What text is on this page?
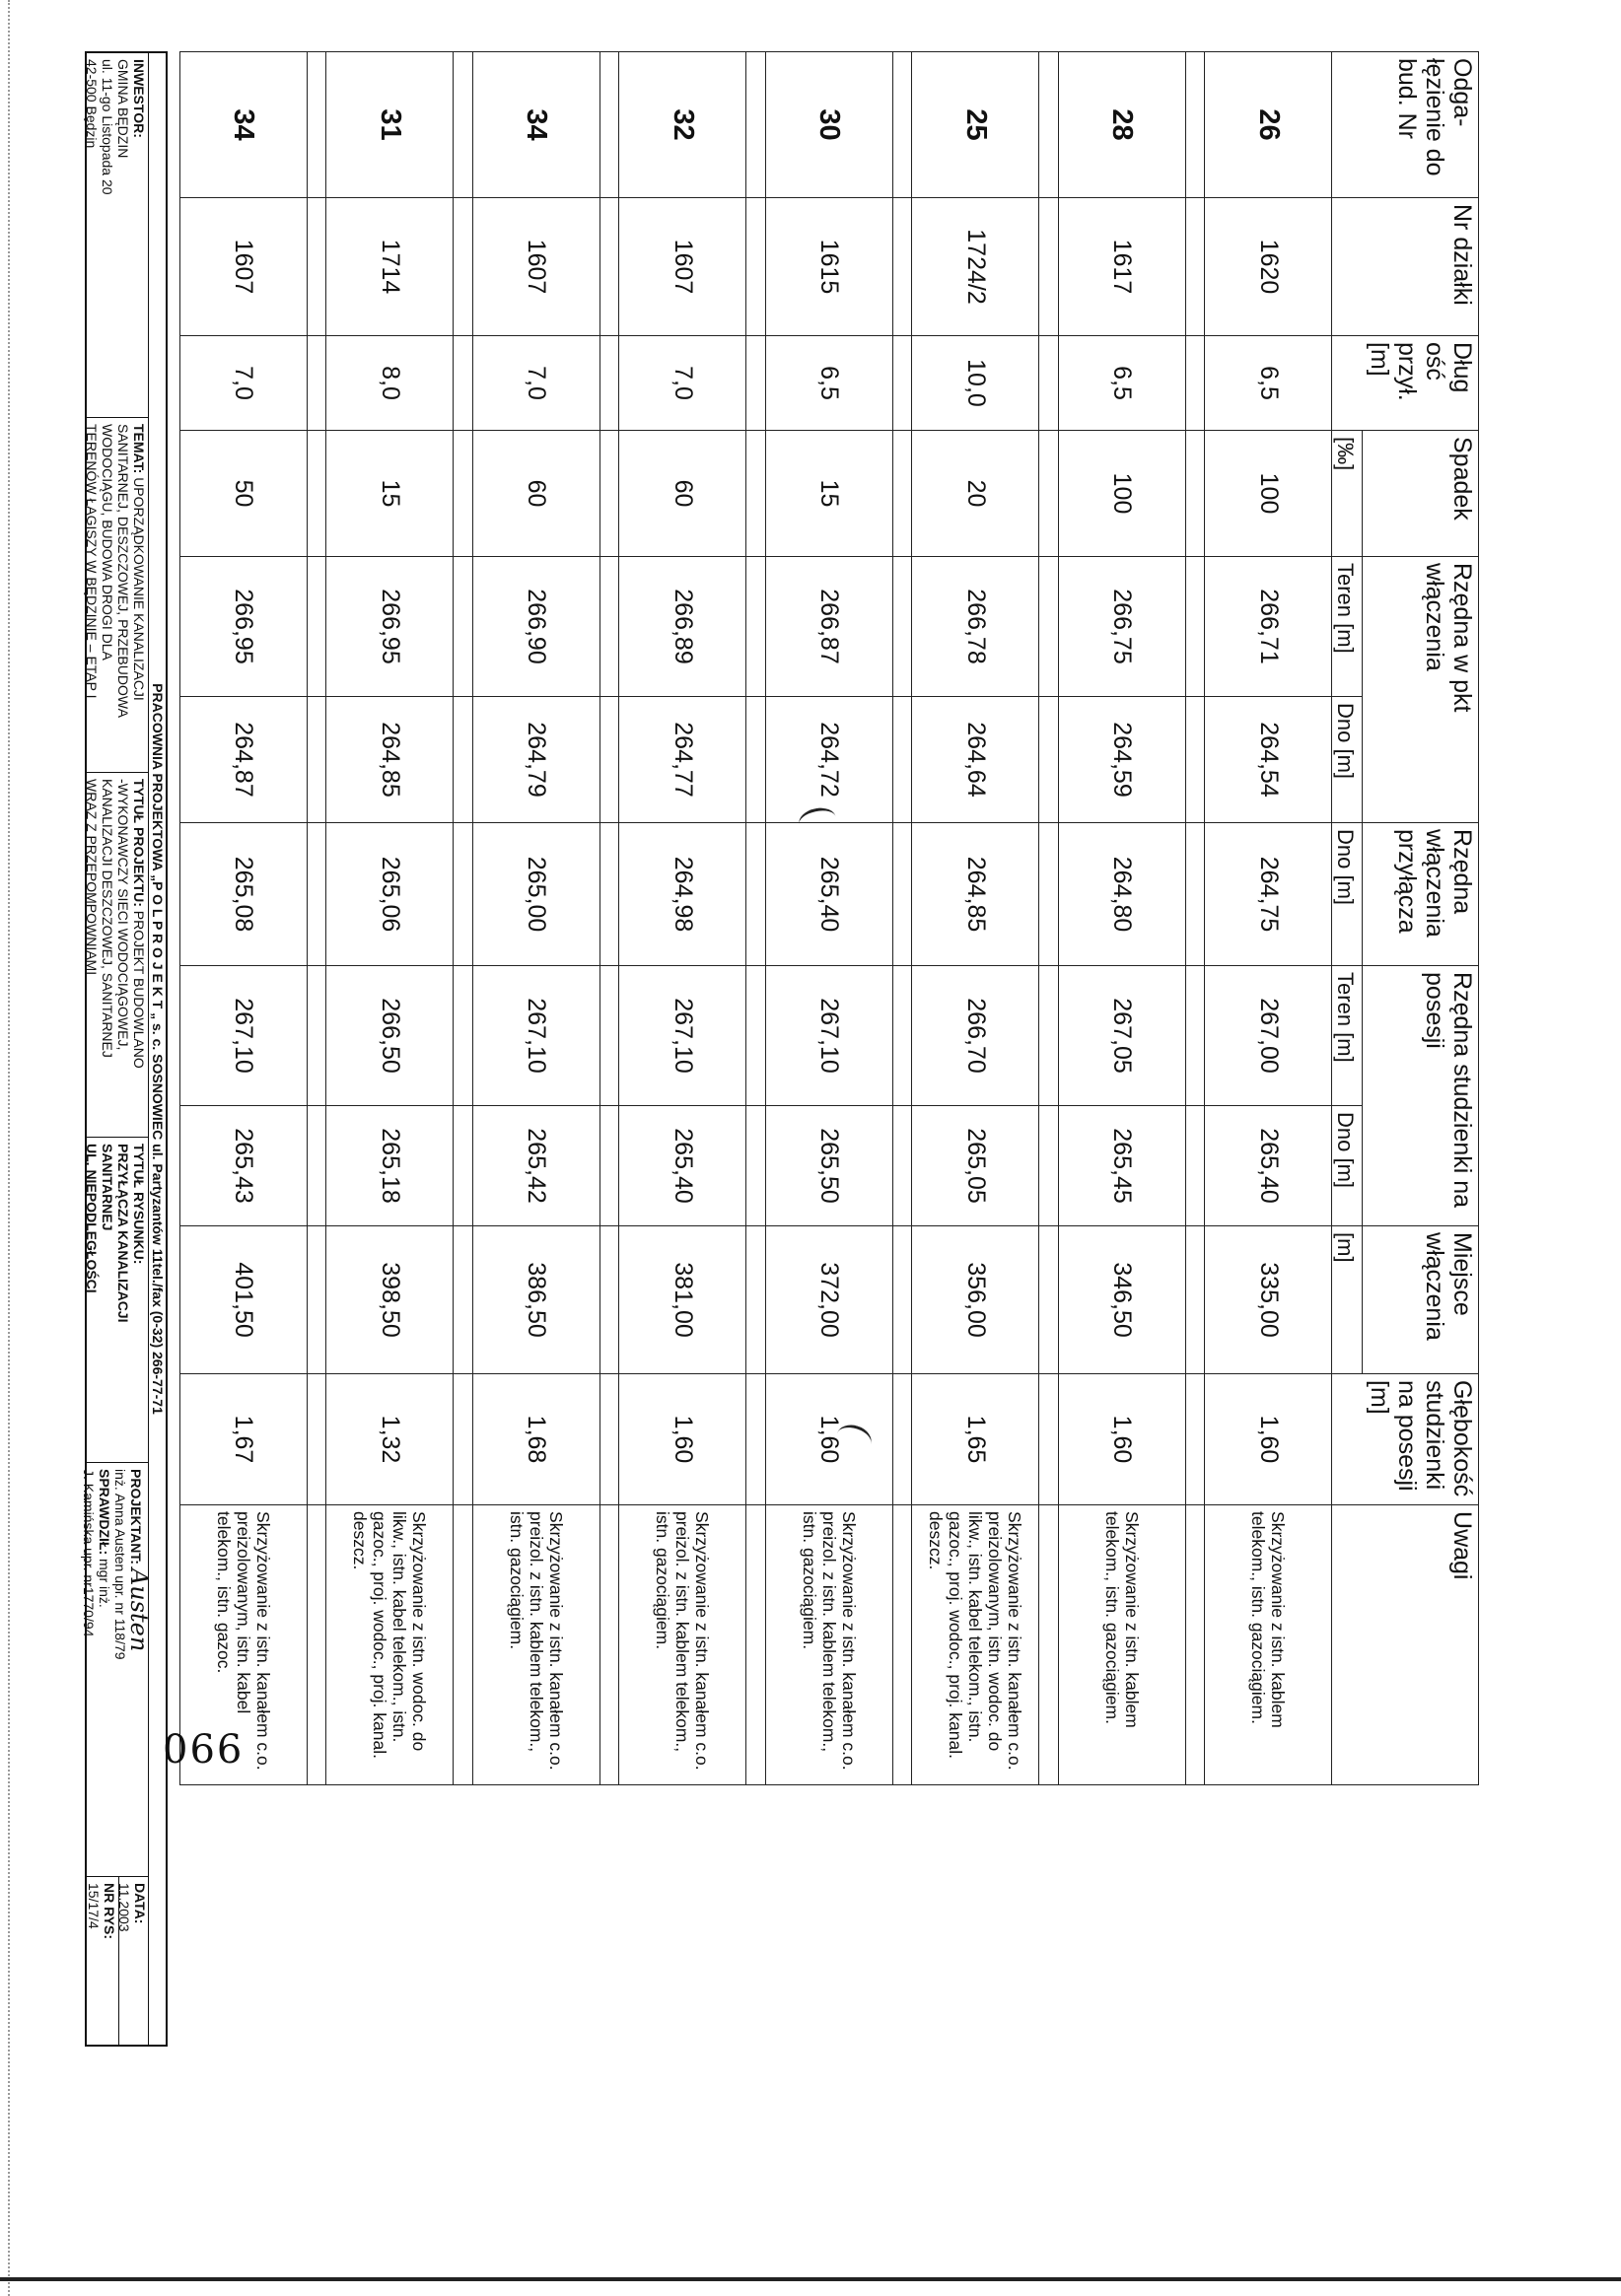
Odga-łęzienie do bud. Nr	Nr działki	Dług ość przył. [m]	Spadek	Rzędna w pkt włączenia		Rzędna włączenia przyłącza	Rzędna studzienki na posesji		Miejsce włączenia	Głębokość studzienki na posesji [m]	Uwagi
			[‰]	Teren [m]	Dno [m]	Dno [m]	Teren [m]	Dno [m]	[m]		
26	1620	6,5	100	266,71	264,54	264,75	267,00	265,40	335,00	1,60	Skrzyżowanie z istn. kablem telekom., istn. gazociągiem.

28	1617	6,5	100	266,75	264,59	264,80	267,05	265,45	346,50	1,60	Skrzyżowanie z istn. kablem telekom., istn. gazociągiem.

25	1724/2	10,0	20	266,78	264,64	264,85	266,70	265,05	356,00	1,65	Skrzyżowanie z istn. kanałem c.o. preizolowanym, istn. wodoc. do likw., istn. kabel telekom., istn. gazoc., proj. wodoc., proj. kanal. deszcz.

30	1615	6,5	15	266,87	264,72	265,40	267,10	265,50	372,00	1,60	Skrzyżowanie z istn. kanałem c.o. preizol. z istn. kablem telekom., istn. gazociągiem.

32	1607	7,0	60	266,89	264,77	264,98	267,10	265,40	381,00	1,60	Skrzyżowanie z istn. kanałem c.o. preizol. z istn. kablem telekom., istn. gazociągiem.

34	1607	7,0	60	266,90	264,79	265,00	267,10	265,42	386,50	1,68	Skrzyżowanie z istn. kanałem c.o. preizol. z istn. kablem telekom., istn. gazociągiem.

31	1714	8,0	15	266,95	264,85	265,06	266,50	265,18	398,50	1,32	Skrzyżowanie z istn. wodoc. do likw., istn. kabel telekom., istn. gazoc., proj. wodoc., proj. kanal. deszcz.

34	1607	7,0	50	266,95	264,87	265,08	267,10	265,43	401,50	1,67	Skrzyżowanie z istn. kanałem c.o. preizolowanym, istn. kabel telekom., istn. gazoc.
PRACOWNIA PROJEKTOWA „P O L P R O J E K T „ s. c. SOSNOWIEC ul. Partyzantów 11tel./fax (0-32) 266-77-71
INWESTOR:
GMINA BĘDZIN
ul. 11-go Listopada 20
42-500 Będzin
TEMAT: UPORZĄDKOWANIE KANALIZACJI
SANITARNEJ, DESZCZOWEJ, PRZEBUDOWA
WODOCIĄGU, BUDOWA DROGI DLA
TERENÓW ŁAGISZY W BĘDZINIE – ETAP I
TYTUŁ PROJEKTU: PROJEKT BUDOWLANO
-WYKONAWCZY SIECI WODOCIĄGOWEJ,
KANALIZACJI DESZCZOWEJ, SANITARNEJ
WRAZ Z PRZEPOMPOWNIAMI
TYTUŁ RYSUNKU:
PRZYŁĄCZA KANALIZACJI
SANITARNEJ
UL. NIEPODLEGŁOŚCI
PROJEKTANT: Austen
inż. Anna Austen upr. nr 118/79
SPRAWDZIŁ: mgr inż.
J. Kamińska upr. nr1770/94
DATA:
11.2003
NR RYS:
15/17/4
066
